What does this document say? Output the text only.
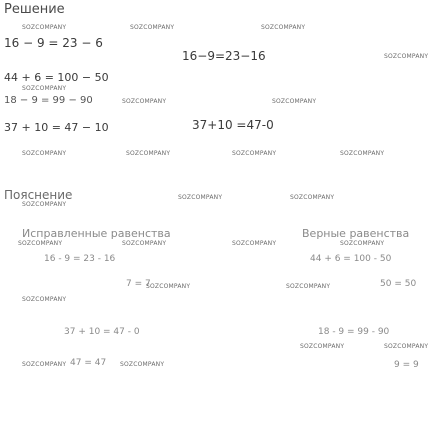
Решение
SOZCOMPANY	SOZCOMPANY	SOZCOMPANY
16 − 9 = 23 − 6
16−9=23−16	SOZCOMPANY
44 + 6 = 100 − 50
SOZCOMPANY
18 − 9 = 99 − 90	SOZCOMPANY	SOZCOMPANY
37 + 10 = 47 − 10	37+10 =47-0
SOZCOMPANY	SOZCOMPANY	SOZCOMPANY	SOZCOMPANY
Пояснение
SOZCOMPANY
SOZCOMPANY	SOZCOMPANY
Исправленные равенства	Верные равенства
SOZCOMPANY	SOZCOMPANY	SOZCOMPANY	SOZCOMPANY
16 - 9 = 23 - 16	44 + 6 = 100 - 50
7 = 7
SOZCOMPANY	SOZCOMPANY	50 = 50
SOZCOMPANY
37 + 10 = 47 - 0	18 - 9 = 99 - 90
SOZCOMPANY	SOZCOMPANY
SOZCOMPANY 47 = 47 SOZCOMPANY	9 = 9
